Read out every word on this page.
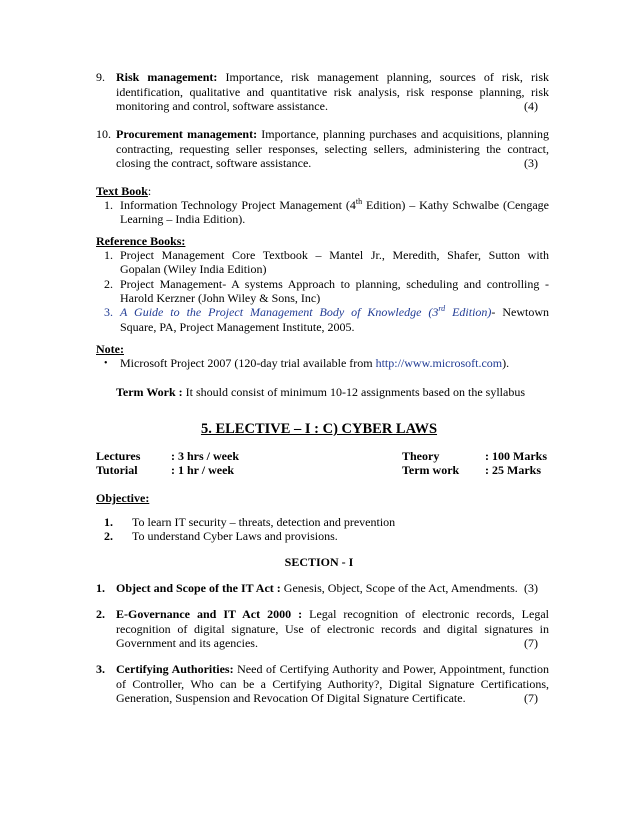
9. Risk management: Importance, risk management planning, sources of risk, risk
identification, qualitative and quantitative risk analysis, risk response planning, risk
monitoring and control, software assistance.	(4)
10. Procurement management: Importance, planning purchases and acquisitions, planning
contracting, requesting seller responses, selecting sellers, administering the contract,
closing the contract, software assistance.	(3)
Text Book:
1. Information Technology Project Management (4th Edition) – Kathy Schwalbe (Cengage
Learning – India Edition).
Reference Books:
1. Project Management Core Textbook – Mantel Jr., Meredith, Shafer, Sutton with
Gopalan (Wiley India Edition)
2. Project Management- A systems Approach to planning, scheduling and controlling -
Harold Kerzner (John Wiley & Sons, Inc)
3. A Guide to the Project Management Body of Knowledge (3rd Edition)- Newtown
Square, PA, Project Management Institute, 2005.
Note:
• Microsoft Project 2007 (120-day trial available from http://www.microsoft.com).
Term Work : It should consist of minimum 10-12 assignments based on the syllabus
5. ELECTIVE – I : C) CYBER LAWS
Lectures	: 3 hrs / week	Theory	: 100 Marks
Tutorial	: 1 hr / week	Term work : 25 Marks
Objective:
1. To learn IT security – threats, detection and prevention
2. To understand Cyber Laws and provisions.
SECTION - I
1. Object and Scope of the IT Act : Genesis, Object, Scope of the Act, Amendments. (3)
2. E-Governance and IT Act 2000 : Legal recognition of electronic records, Legal
recognition of digital signature, Use of electronic records and digital signatures in
Government and its agencies.	(7)
3. Certifying Authorities: Need of Certifying Authority and Power, Appointment, function
of Controller, Who can be a Certifying Authority?, Digital Signature Certifications,
Generation, Suspension and Revocation Of Digital Signature Certificate.	(7)
